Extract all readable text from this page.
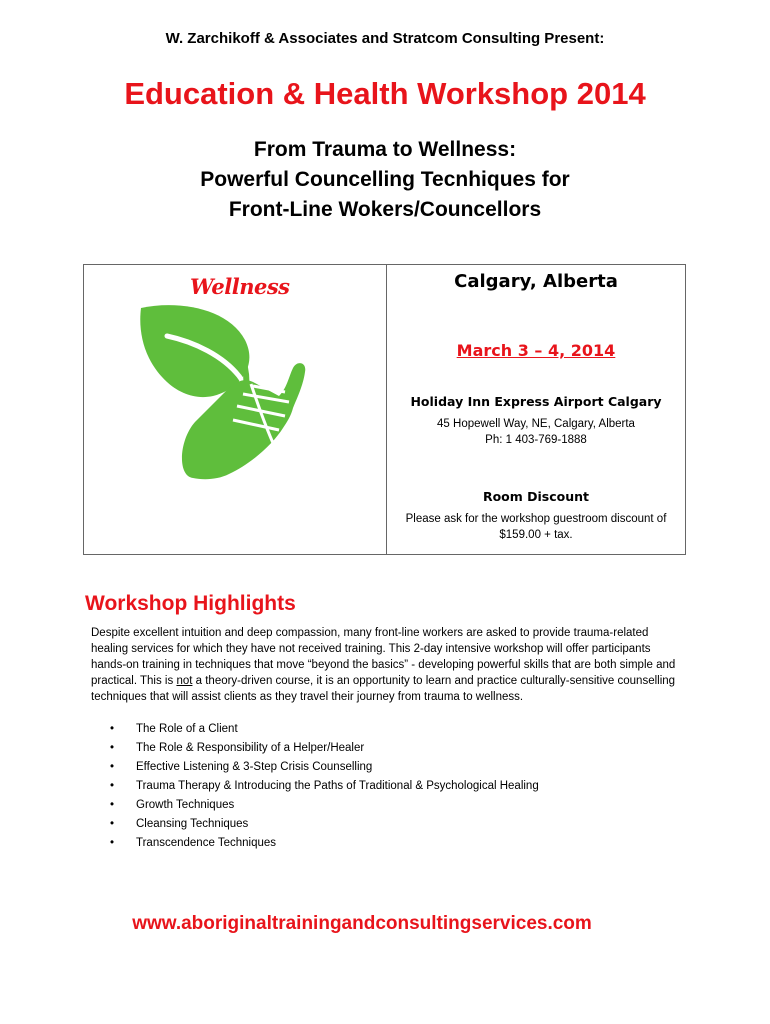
W. Zarchikoff & Associates and Stratcom Consulting Present:
Education & Health Workshop 2014
From Trauma to Wellness:
Powerful Councelling Tecnhiques for
Front-Line Wokers/Councellors
Wellness	Calgary, Alberta
March 3 – 4, 2014
Holiday Inn Express Airport Calgary
45 Hopewell Way, NE, Calgary, Alberta
Ph: 1 403-769-1888
Room Discount
Please ask for the workshop guestroom discount of $159.00 + tax.
Workshop Highlights
Despite excellent intuition and deep compassion, many front-line workers are asked to provide trauma-related healing services for which they have not received training. This 2-day intensive workshop will offer participants hands-on training in techniques that move “beyond the basics” - developing powerful skills that are both simple and practical. This is not a theory-driven course, it is an opportunity to learn and practice culturally-sensitive counselling techniques that will assist clients as they travel their journey from trauma to wellness.
• The Role of a Client
• The Role & Responsibility of a Helper/Healer
• Effective Listening & 3-Step Crisis Counselling
• Trauma Therapy & Introducing the Paths of Traditional & Psychological Healing
• Growth Techniques
• Cleansing Techniques
• Transcendence Techniques
www.aboriginaltrainingandconsultingservices.com
